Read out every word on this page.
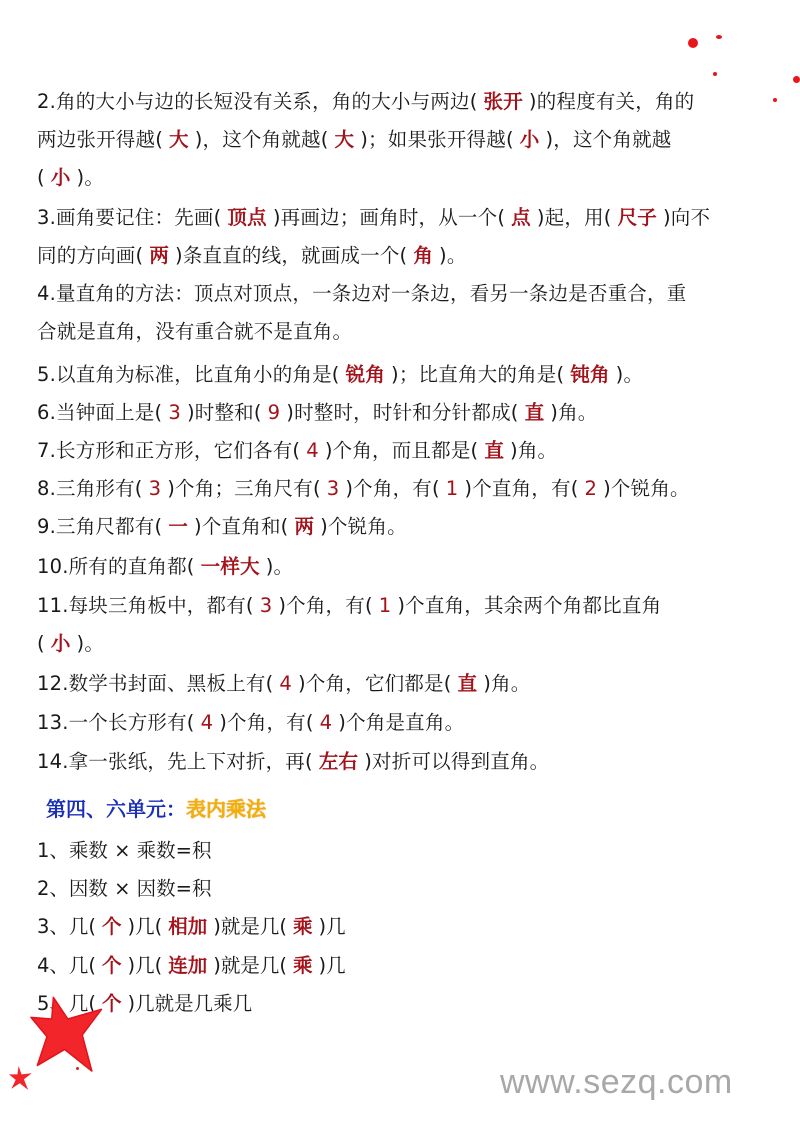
2.角的大小与边的长短没有关系，角的大小与两边( 张开 )的程度有关，角的
两边张开得越( 大 )，这个角就越( 大 )；如果张开得越( 小 )，这个角就越
( 小 )。
3.画角要记住：先画( 顶点 )再画边；画角时，从一个( 点 )起，用( 尺子 )向不
同的方向画( 两 )条直直的线，就画成一个( 角 )。
4.量直角的方法：顶点对顶点，一条边对一条边，看另一条边是否重合，重
合就是直角，没有重合就不是直角。
5.以直角为标准，比直角小的角是( 锐角 )；比直角大的角是( 钝角 )。
6.当钟面上是( 3 )时整和( 9 )时整时，时针和分针都成( 直 )角。
7.长方形和正方形，它们各有( 4 )个角，而且都是( 直 )角。
8.三角形有( 3 )个角；三角尺有( 3 )个角，有( 1 )个直角，有( 2 )个锐角。
9.三角尺都有( 一 )个直角和( 两 )个锐角。
10.所有的直角都( 一样大 )。
11.每块三角板中，都有( 3 )个角，有( 1 )个直角，其余两个角都比直角
( 小 )。
12.数学书封面、黑板上有( 4 )个角，它们都是( 直 )角。
13.一个长方形有( 4 )个角，有( 4 )个角是直角。
14.拿一张纸，先上下对折，再( 左右 )对折可以得到直角。
第四、六单元：表内乘法
1、乘数 × 乘数=积
2、因数 × 因数=积
3、几( 个 )几( 相加 )就是几( 乘 )几
4、几( 个 )几( 连加 )就是几( 乘 )几
5、几( 个 )几就是几乘几
www.sezq.com
